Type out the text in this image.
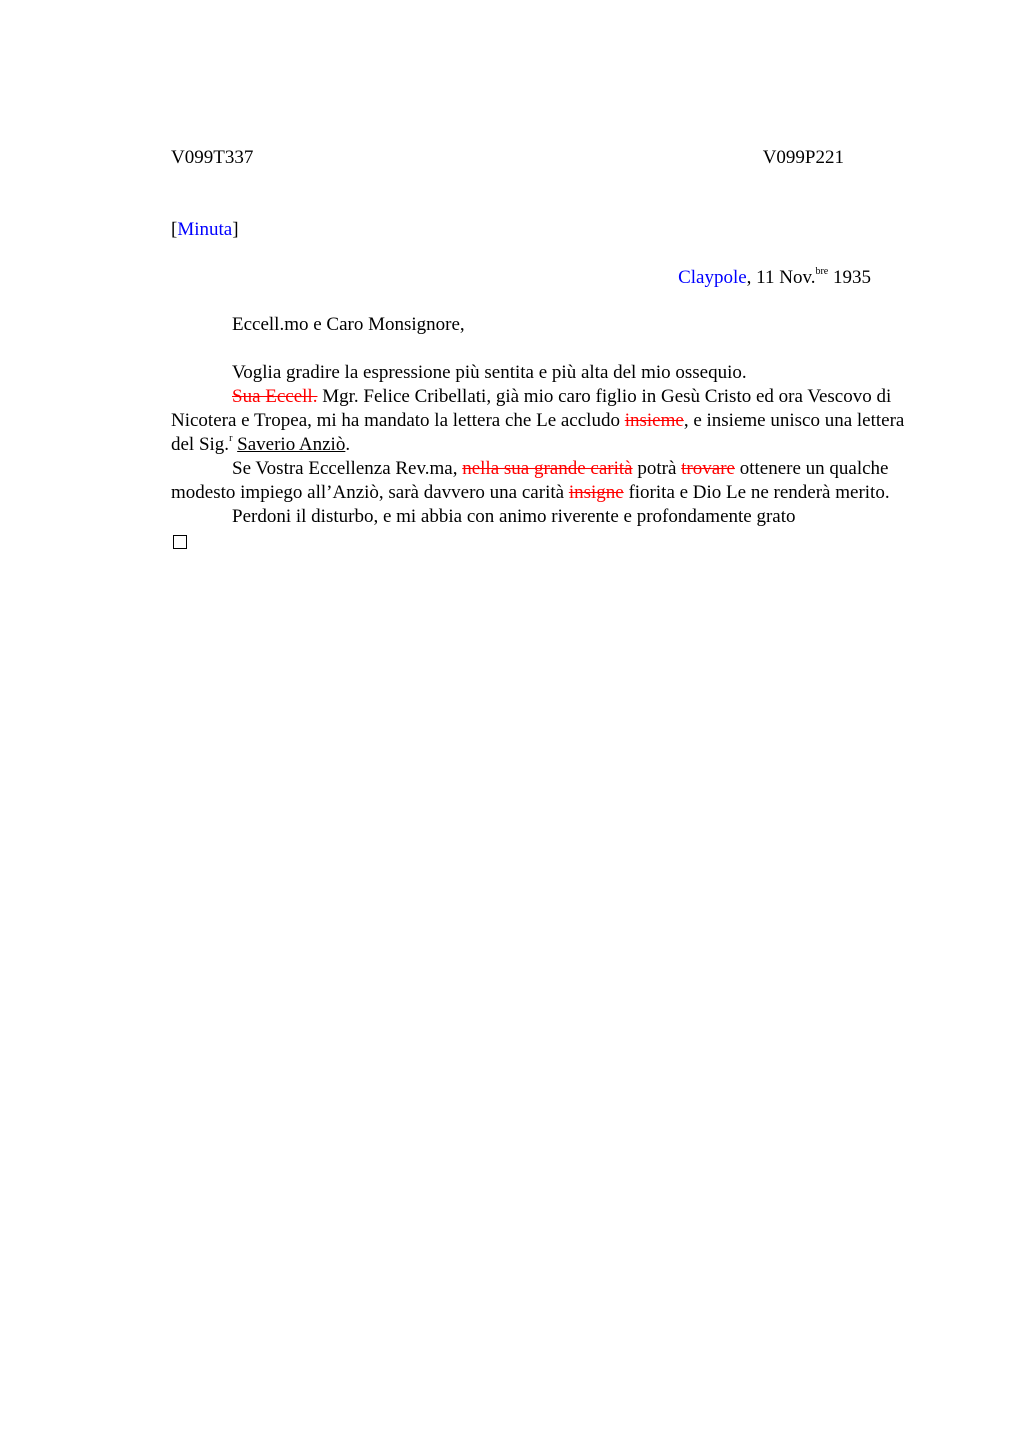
V099T337	V099P221
[Minuta]
Claypole, 11 Nov.$^{bre}$ 1935
Eccell.mo e Caro Monsignore,

Voglia gradire la espressione più sentita e più alta del mio ossequio.

Sua Eccell. Mgr. Felice Cribellati, già mio caro figlio in Gesù Cristo ed ora Vescovo di Nicotera e Tropea, mi ha mandato la lettera che Le accludo insieme, e insieme unisco una lettera del Sig.$^r$ Saverio Anziò.

Se Vostra Eccellenza Rev.ma, nella sua grande carità potrà trovare ottenere un qualche modesto impiego all’Anziò, sarà davvero una carità insigne fiorita e Dio Le ne renderà merito.

Perdoni il disturbo, e mi abbia con animo riverente e profondamente grato
